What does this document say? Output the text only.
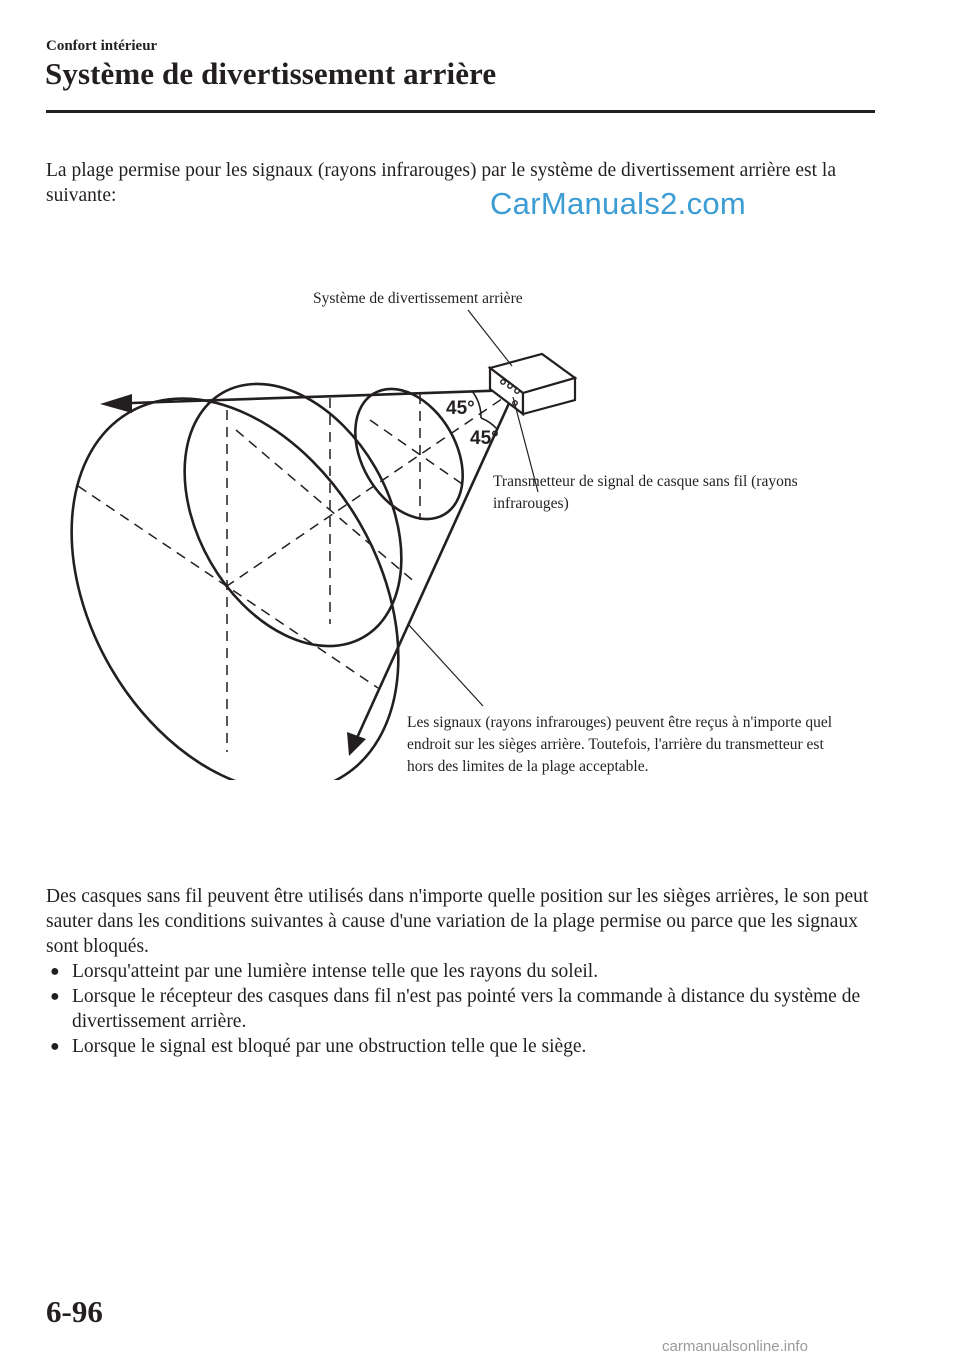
Confort intérieur
Système de divertissement arrière

La plage permise pour les signaux (rayons infrarouges) par le système de divertissement arrière est la suivante:	CarManuals2.com
45°
45°

Système de divertissement arrière

Transmetteur de signal de casque sans fil (rayons infrarouges)

Les signaux (rayons infrarouges) peuvent être reçus à n'importe quel endroit sur les sièges arrière. Toutefois, l'arrière du transmetteur est hors des limites de la plage acceptable.

Des casques sans fil peuvent être utilisés dans n'importe quelle position sur les sièges arrières, le son peut sauter dans les conditions suivantes à cause d'une variation de la plage permise ou parce que les signaux sont bloqués.

● Lorsqu'atteint par une lumière intense telle que les rayons du soleil.
● Lorsque le récepteur des casques dans fil n'est pas pointé vers la commande à distance du système de divertissement arrière.
● Lorsque le signal est bloqué par une obstruction telle que le siège.
6-96
carmanualsonline.info
